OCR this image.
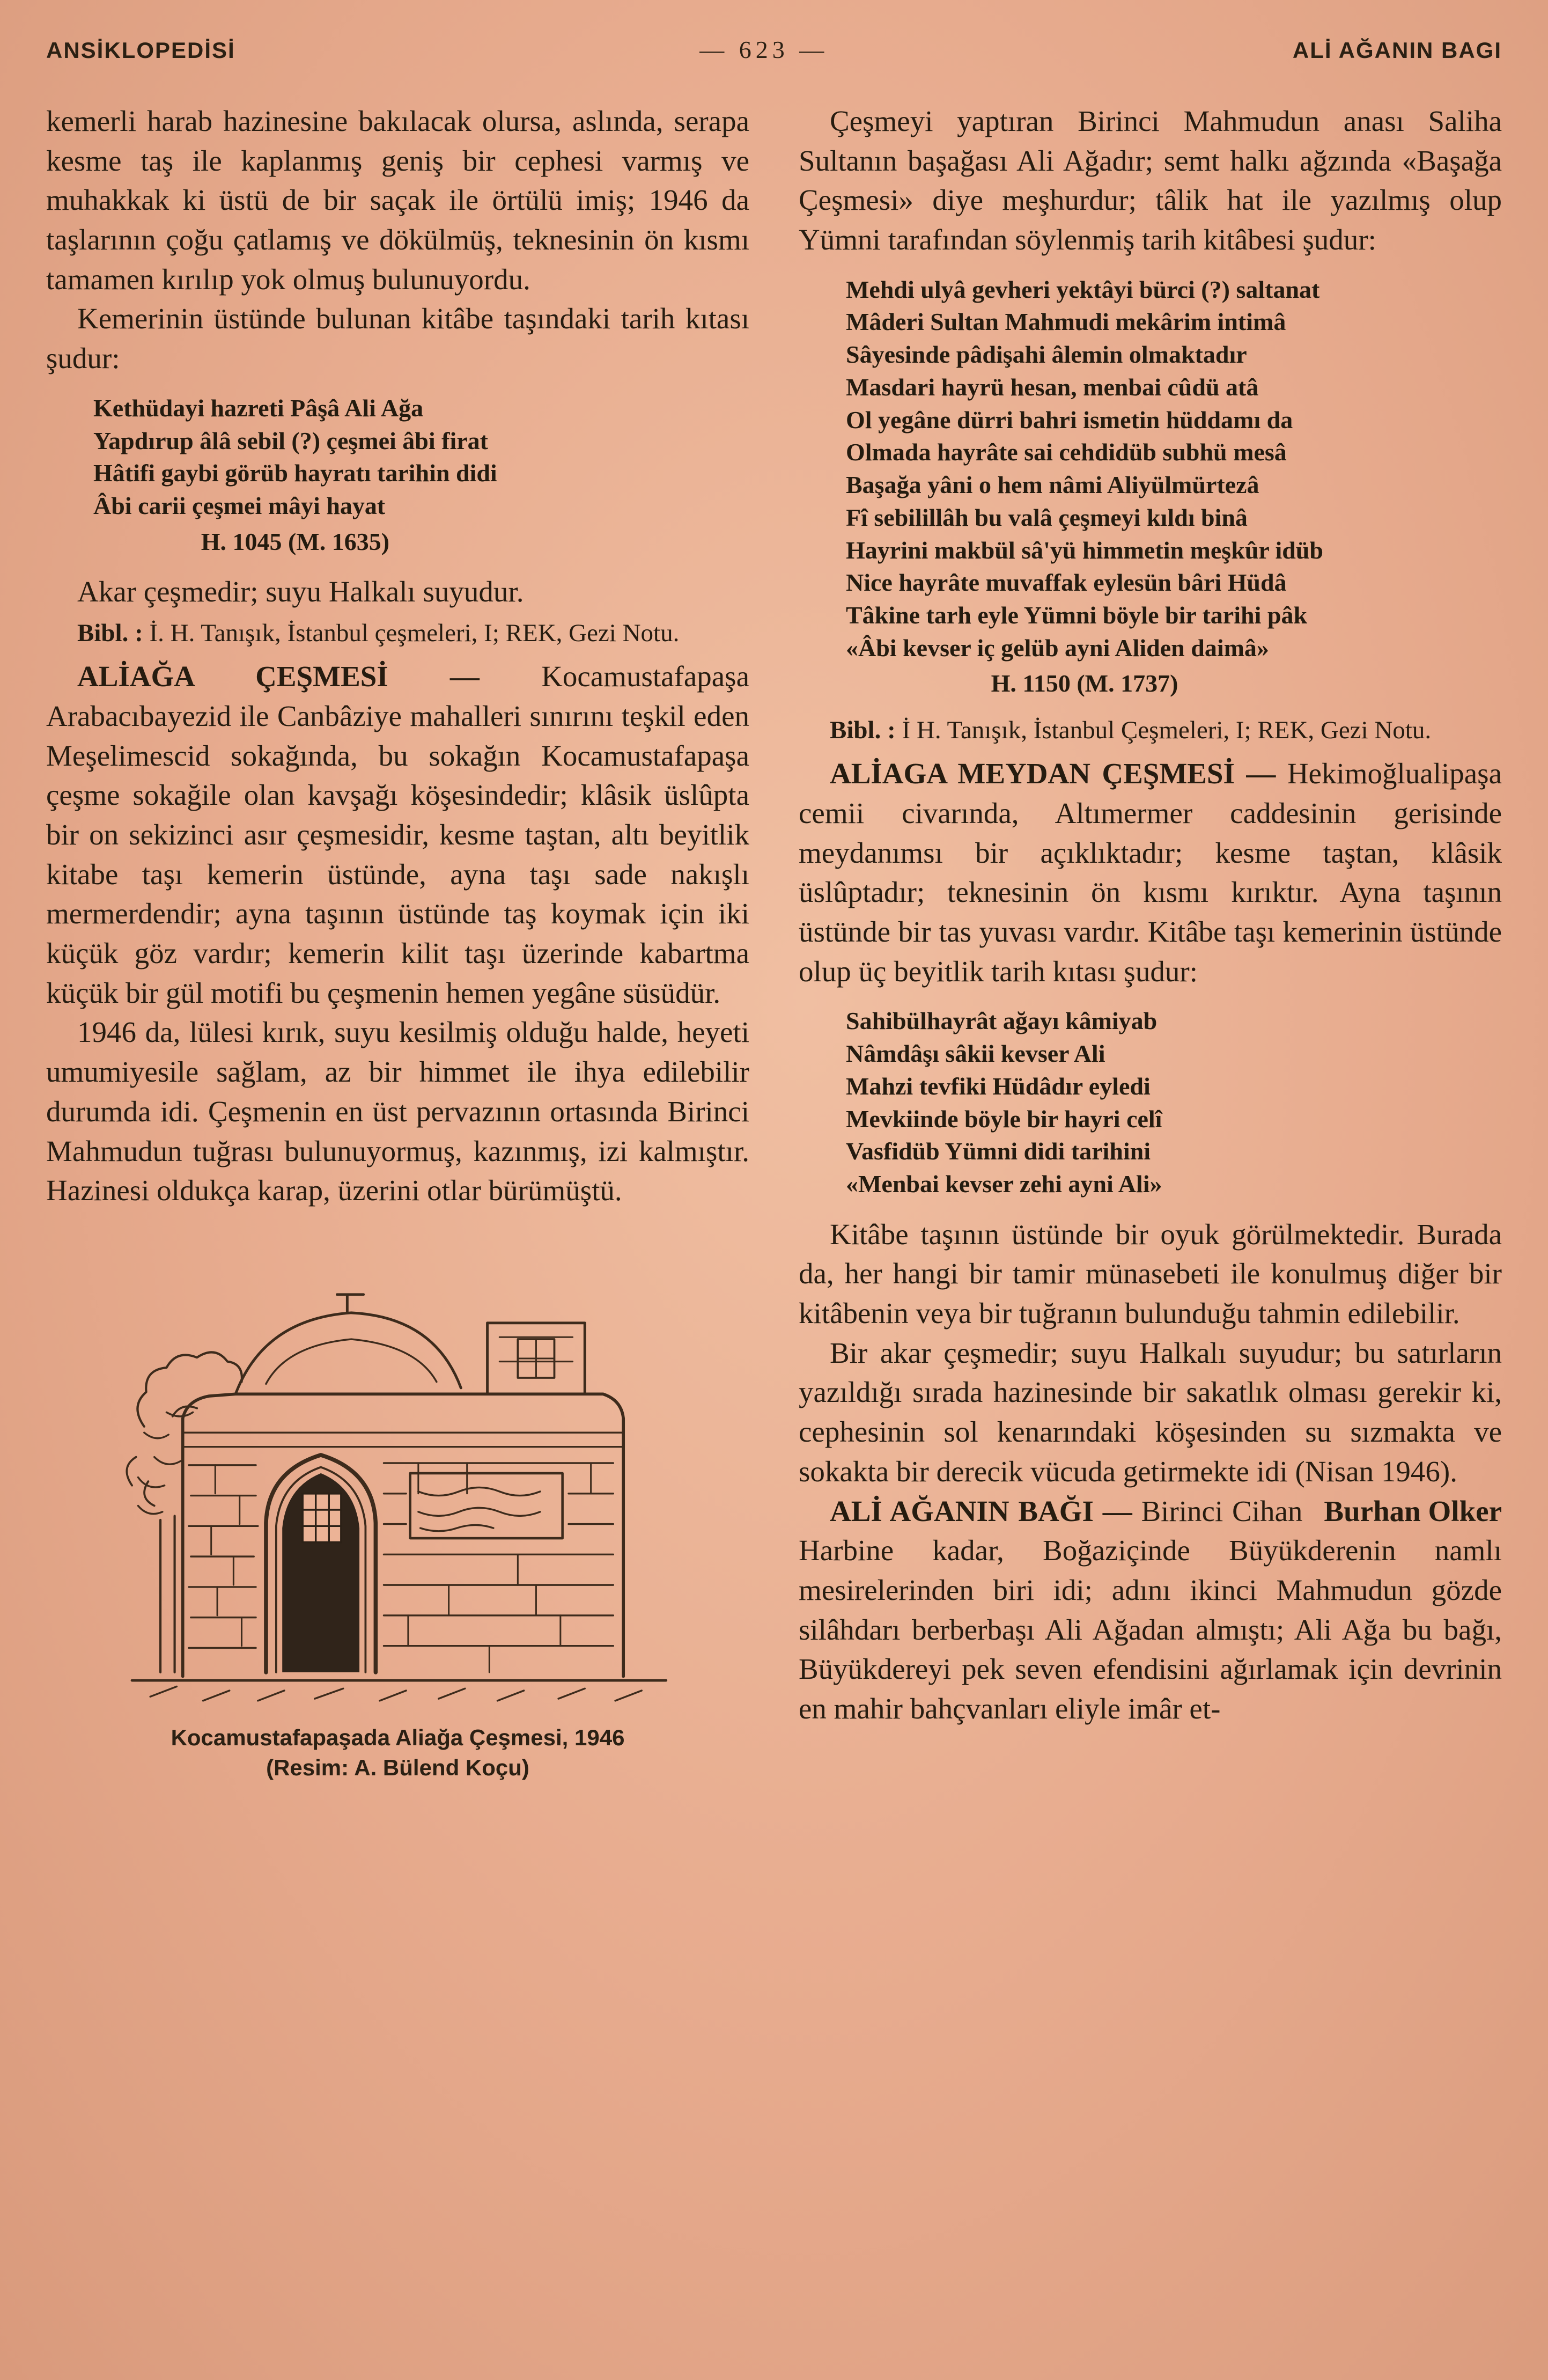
ANSİKLOPEDİSİ	— 623 —	ALİ AĞANIN BAGI

kemerli harab hazinesine bakılacak olursa, aslında, serapa kesme taş ile kaplanmış geniş bir cephesi varmış ve muhakkak ki üstü de bir saçak ile örtülü imiş; 1946 da taşlarının çoğu çatlamış ve dökülmüş, teknesinin ön kısmı tamamen kırılıp yok olmuş bulunuyordu.

Kemerinin üstünde bulunan kitâbe taşındaki tarih kıtası şudur:

Kethüdayi hazreti Pâşâ Ali Ağa
Yapdırup âlâ sebil (?) çeşmei âbi firat
Hâtifi gaybi görüb hayratı tarihin didi
Âbi carii çeşmei mâyi hayat
H. 1045 (M. 1635)

Akar çeşmedir; suyu Halkalı suyudur.

Bibl. : İ. H. Tanışık, İstanbul çeşmeleri, I; REK, Gezi Notu.

ALİAĞA ÇEŞMESİ — Kocamustafapaşa Arabacıbayezid ile Canbâziye mahalleri sınırını teşkil eden Meşelimescid sokağında, bu sokağın Kocamustafapaşa çeşme sokağile olan kavşağı köşesindedir; klâsik üslûpta bir on sekizinci asır çeşmesidir, kesme taştan, altı beyitlik kitabe taşı kemerin üstünde, ayna taşı sade nakışlı mermerdendir; ayna taşının üstünde taş koymak için iki küçük göz vardır; kemerin kilit taşı üzerinde kabartma küçük bir gül motifi bu çeşmenin hemen yegâne süsüdür.

1946 da, lülesi kırık, suyu kesilmiş olduğu halde, heyeti umumiyesile sağlam, az bir himmet ile ihya edilebilir durumda idi. Çeşmenin en üst pervazının ortasında Birinci Mahmudun tuğrası bulunuyormuş, kazınmış, izi kalmıştır. Hazinesi oldukça karap, üzerini otlar bürümüştü.

Kocamustafapaşada Aliağa Çeşmesi, 1946
(Resim: A. Bülend Koçu)

Çeşmeyi yaptıran Birinci Mahmudun anası Saliha Sultanın başağası Ali Ağadır; semt halkı ağzında «Başağa Çeşmesi» diye meşhurdur; tâlik hat ile yazılmış olup Yümni tarafından söylenmiş tarih kitâbesi şudur:

Mehdi ulyâ gevheri yektâyi bürci (?) saltanat
Mâderi Sultan Mahmudi mekârim intimâ
Sâyesinde pâdişahi âlemin olmaktadır
Masdari hayrü hesan, menbai cûdü atâ
Ol yegâne dürri bahri ismetin hüddamı da
Olmada hayrâte sai cehdidüb subhü mesâ
Başağa yâni o hem nâmi Aliyülmürtezâ
Fî sebilillâh bu valâ çeşmeyi kıldı binâ
Hayrini makbül sâ'yü himmetin meşkûr idüb
Nice hayrâte muvaffak eylesün bâri Hüdâ
Tâkine tarh eyle Yümni böyle bir tarihi pâk
«Âbi kevser iç gelüb ayni Aliden daimâ»
H. 1150 (M. 1737)

Bibl. : İ H. Tanışık, İstanbul Çeşmeleri, I; REK, Gezi Notu.

ALİAGA MEYDAN ÇEŞMESİ — Hekimoğlualipaşa cemii civarında, Altımermer caddesinin gerisinde meydanımsı bir açıklıktadır; kesme taştan, klâsik üslûptadır; teknesinin ön kısmı kırıktır. Ayna taşının üstünde bir tas yuvası vardır. Kitâbe taşı kemerinin üstünde olup üç beyitlik tarih kıtası şudur:

Sahibülhayrât ağayı kâmiyab
Nâmdâşı sâkii kevser Ali
Mahzi tevfiki Hüdâdır eyledi
Mevkiinde böyle bir hayri celî
Vasfidüb Yümni didi tarihini
«Menbai kevser zehi ayni Ali»

Kitâbe taşının üstünde bir oyuk görülmektedir. Burada da, her hangi bir tamir münasebeti ile konulmuş diğer bir kitâbenin veya bir tuğranın bulunduğu tahmin edilebilir.

Bir akar çeşmedir; suyu Halkalı suyudur; bu satırların yazıldığı sırada hazinesinde bir sakatlık olması gerekir ki, cephesinin sol kenarındaki köşesinden su sızmakta ve sokakta bir derecik vücuda getirmekte idi (Nisan 1946).
Burhan Olker

ALİ AĞANIN BAĞI — Birinci Cihan Harbine kadar, Boğaziçinde Büyükderenin namlı mesirelerinden biri idi; adını ikinci Mahmudun gözde silâhdarı berberbaşı Ali Ağadan almıştı; Ali Ağa bu bağı, Büyükdereyi pek seven efendisini ağırlamak için devrinin en mahir bahçvanları eliyle imâr et-
